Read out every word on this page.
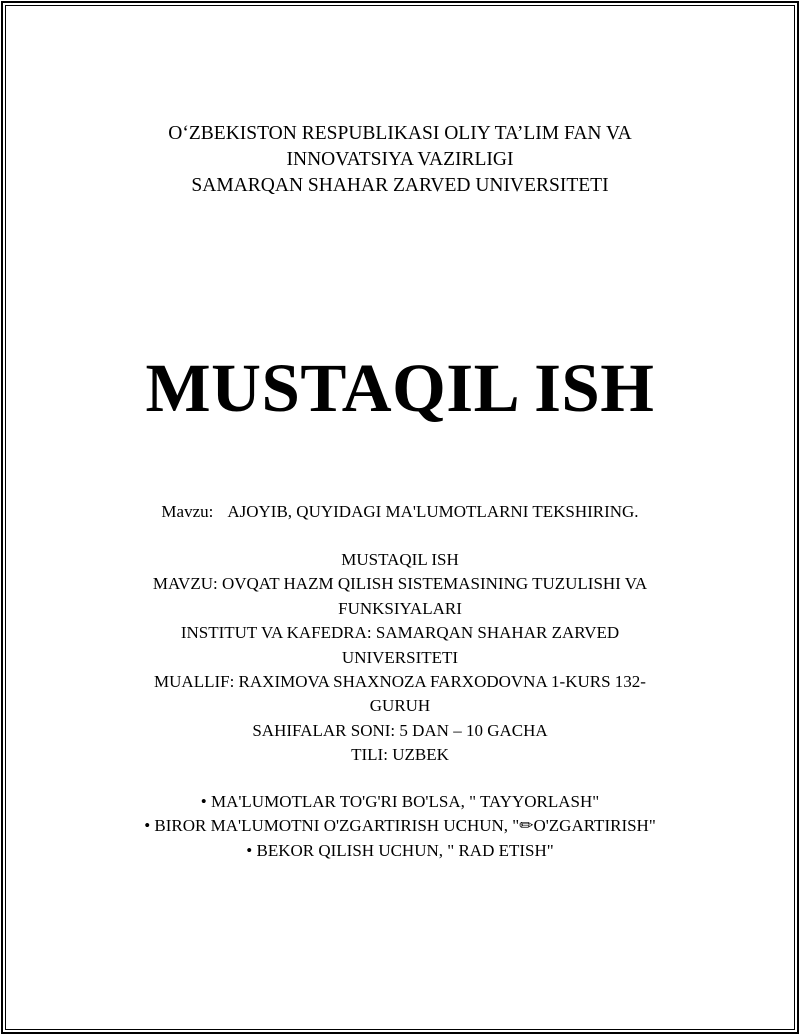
O‘ZBEKISTON RESPUBLIKASI OLIY TA’LIM FAN VA
INNOVATSIYA VAZIRLIGI
SAMARQAN SHAHAR ZARVED UNIVERSITETI
MUSTAQIL ISH
Mavzu: AJOYIB, QUYIDAGI MA'LUMOTLARNI TEKSHIRING.
MUSTAQIL ISH
MAVZU: OVQAT HAZM QILISH SISTEMASINING TUZULISHI VA
FUNKSIYALARI
INSTITUT VA KAFEDRA: SAMARQAN SHAHAR ZARVED
UNIVERSITETI
MUALLIF: RAXIMOVA SHAXNOZA FARXODOVNA 1-KURS 132-
GURUH
SAHIFALAR SONI: 5 DAN – 10 GACHA
TILI: UZBEK
• MA'LUMOTLAR TO'G'RI BO'LSA, " TAYYORLASH"
• BIROR MA'LUMOTNI O'ZGARTIRISH UCHUN, "✏O'ZGARTIRISH"
• BEKOR QILISH UCHUN, " RAD ETISH"
